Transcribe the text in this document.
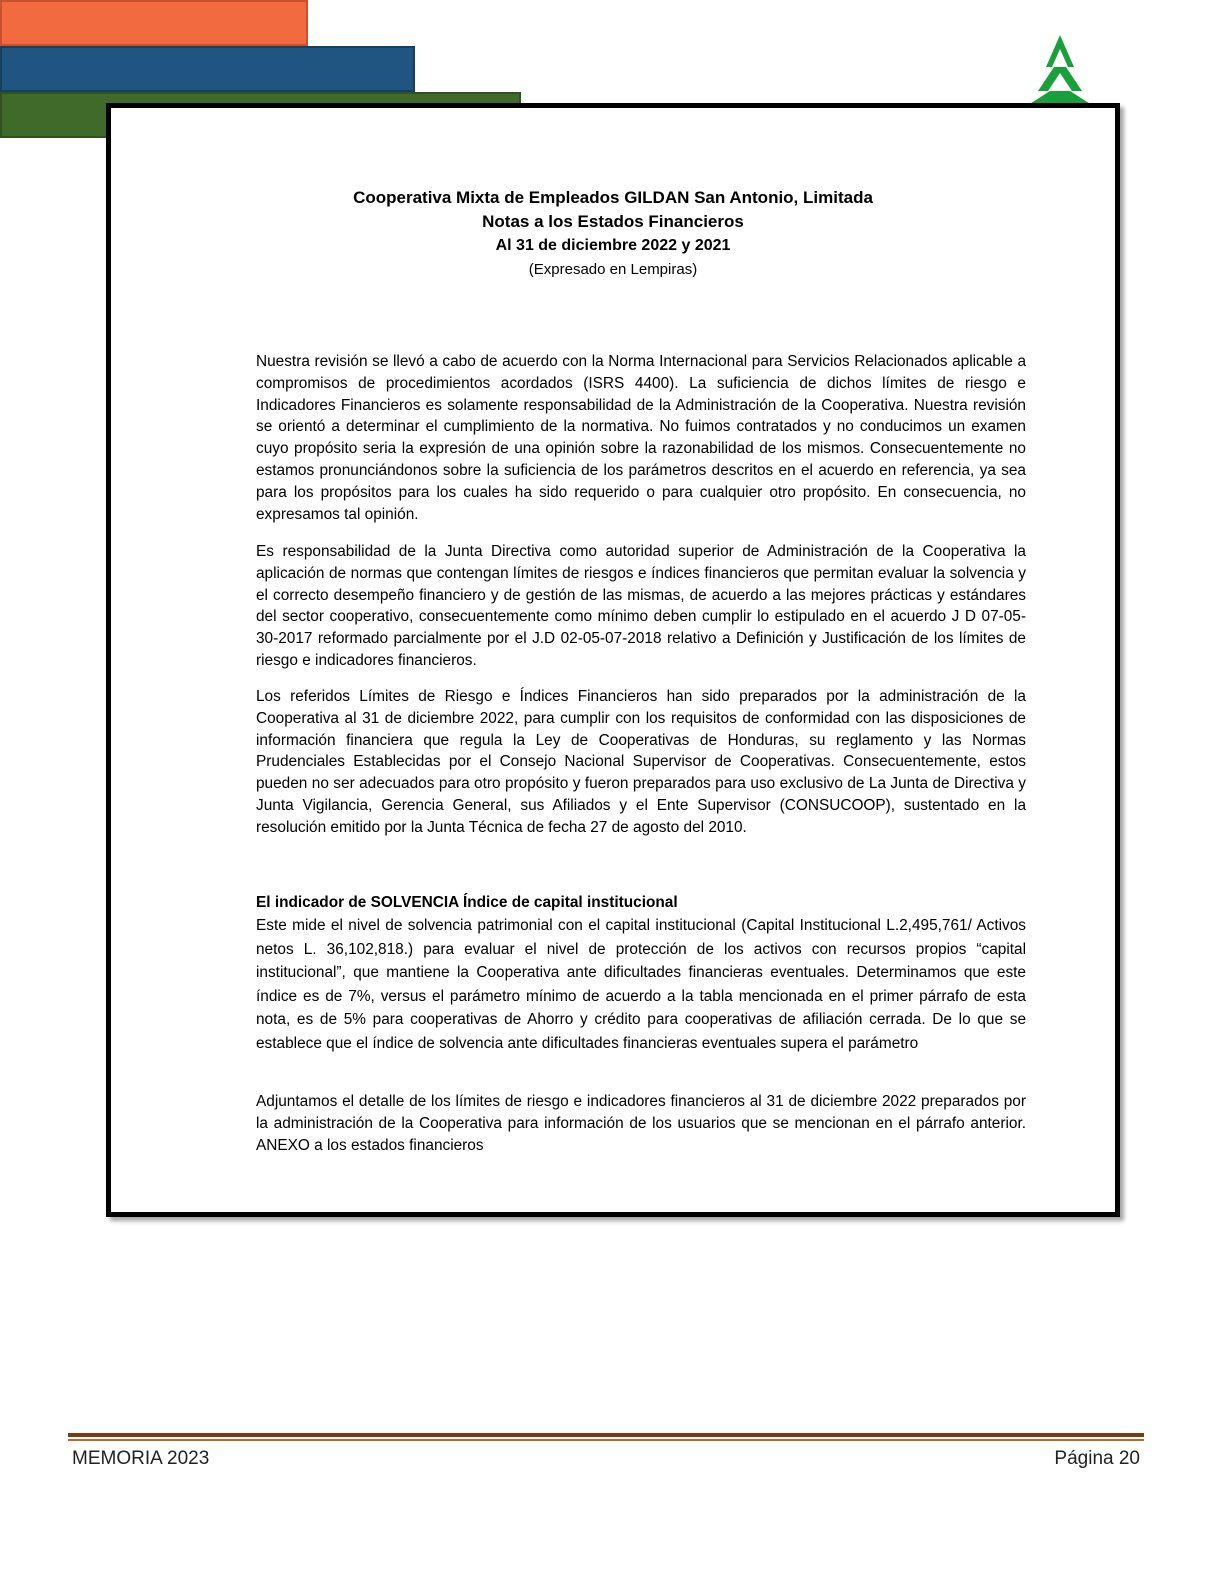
Cooperativa Mixta de Empleados GILDAN San Antonio, Limitada
Notas a los Estados Financieros
Al 31 de diciembre 2022 y 2021
(Expresado en Lempiras)

Nuestra revisión se llevó a cabo de acuerdo con la Norma Internacional para Servicios Relacionados aplicable a compromisos de procedimientos acordados (ISRS 4400). La suficiencia de dichos límites de riesgo e Indicadores Financieros es solamente responsabilidad de la Administración de la Cooperativa. Nuestra revisión se orientó a determinar el cumplimiento de la normativa. No fuimos contratados y no conducimos un examen cuyo propósito seria la expresión de una opinión sobre la razonabilidad de los mismos. Consecuentemente no estamos pronunciándonos sobre la suficiencia de los parámetros descritos en el acuerdo en referencia, ya sea para los propósitos para los cuales ha sido requerido o para cualquier otro propósito. En consecuencia, no expresamos tal opinión.

Es responsabilidad de la Junta Directiva como autoridad superior de Administración de la Cooperativa la aplicación de normas que contengan límites de riesgos e índices financieros que permitan evaluar la solvencia y el correcto desempeño financiero y de gestión de las mismas, de acuerdo a las mejores prácticas y estándares del sector cooperativo, consecuentemente como mínimo deben cumplir lo estipulado en el acuerdo J D 07-05-30-2017 reformado parcialmente por el J.D 02-05-07-2018 relativo a Definición y Justificación de los límites de riesgo e indicadores financieros.

Los referidos Límites de Riesgo e Índices Financieros han sido preparados por la administración de la Cooperativa al 31 de diciembre 2022, para cumplir con los requisitos de conformidad con las disposiciones de información financiera que regula la Ley de Cooperativas de Honduras, su reglamento y las Normas Prudenciales Establecidas por el Consejo Nacional Supervisor de Cooperativas. Consecuentemente, estos pueden no ser adecuados para otro propósito y fueron preparados para uso exclusivo de La Junta de Directiva y Junta Vigilancia, Gerencia General, sus Afiliados y el Ente Supervisor (CONSUCOOP), sustentado en la resolución emitido por la Junta Técnica de fecha 27 de agosto del 2010.

El indicador de SOLVENCIA Índice de capital institucional

Este mide el nivel de solvencia patrimonial con el capital institucional (Capital Institucional L.2,495,761/ Activos netos L. 36,102,818.) para evaluar el nivel de protección de los activos con recursos propios “capital institucional”, que mantiene la Cooperativa ante dificultades financieras eventuales. Determinamos que este índice es de 7%, versus el parámetro mínimo de acuerdo a la tabla mencionada en el primer párrafo de esta nota, es de 5% para cooperativas de Ahorro y crédito para cooperativas de afiliación cerrada. De lo que se establece que el índice de solvencia ante dificultades financieras eventuales supera el parámetro

Adjuntamos el detalle de los límites de riesgo e indicadores financieros al 31 de diciembre 2022 preparados por la administración de la Cooperativa para información de los usuarios que se mencionan en el párrafo anterior. ANEXO a los estados financieros

MEMORIA 2023	Página 20
